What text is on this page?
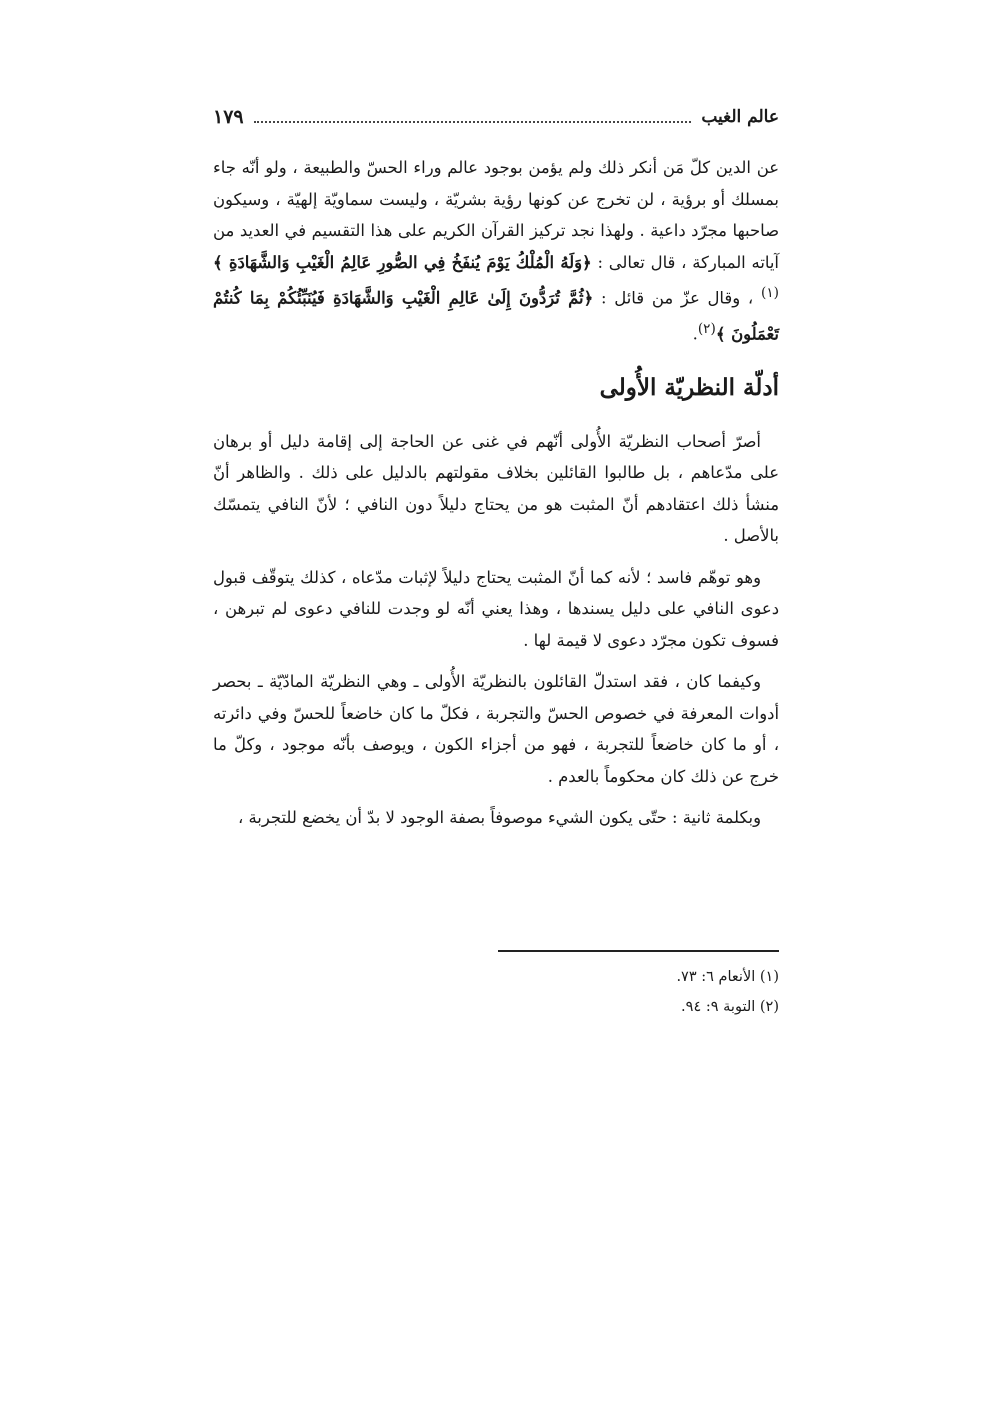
عالم الغيب
١٧٩

عن الدين كلّ مَن أنكر ذلك ولم يؤمن بوجود عالم وراء الحسّ والطبيعة ، ولو أنّه جاء بمسلك أو برؤية ، لن تخرج عن كونها رؤية بشريّة ، وليست سماويّة إلهيّة ، وسيكون صاحبها مجرّد داعية . ولهذا نجد تركيز القرآن الكريم على هذا التقسيم في العديد من آياته المباركة ، قال تعالى : ﴿وَلَهُ الْمُلْكُ يَوْمَ يُنفَخُ فِي الصُّورِ عَالِمُ الْغَيْبِ وَالشَّهَادَةِ ﴾$^{(١)}$ ، وقال عزّ من قائل : ﴿ثُمَّ تُرَدُّونَ إِلَىٰ عَالِمِ الْغَيْبِ وَالشَّهَادَةِ فَيُنَبِّئُكُمْ بِمَا كُنتُمْ تَعْمَلُونَ ﴾$^{(٢)}$.

أدلّة النظريّة الأُولى

أصرّ أصحاب النظريّة الأُولى أنّهم في غنى عن الحاجة إلى إقامة دليل أو برهان على مدّعاهم ، بل طالبوا القائلين بخلاف مقولتهم بالدليل على ذلك . والظاهر أنّ منشأ ذلك اعتقادهم أنّ المثبت هو من يحتاج دليلاً دون النافي ؛ لأنّ النافي يتمسّك بالأصل .

وهو توهّم فاسد ؛ لأنه كما أنّ المثبت يحتاج دليلاً لإثبات مدّعاه ، كذلك يتوقّف قبول دعوى النافي على دليل يسندها ، وهذا يعني أنّه لو وجدت للنافي دعوى لم تبرهن ، فسوف تكون مجرّد دعوى لا قيمة لها .

وكيفما كان ، فقد استدلّ القائلون بالنظريّة الأُولى ـ وهي النظريّة المادّيّة ـ بحصر أدوات المعرفة في خصوص الحسّ والتجربة ، فكلّ ما كان خاضعاً للحسّ وفي دائرته ، أو ما كان خاضعاً للتجربة ، فهو من أجزاء الكون ، ويوصف بأنّه موجود ، وكلّ ما خرج عن ذلك كان محكوماً بالعدم .

وبكلمة ثانية : حتّى يكون الشيء موصوفاً بصفة الوجود لا بدّ أن يخضع للتجربة ،

(١) الأنعام ٦: ٧٣.
(٢) التوبة ٩: ٩٤.
